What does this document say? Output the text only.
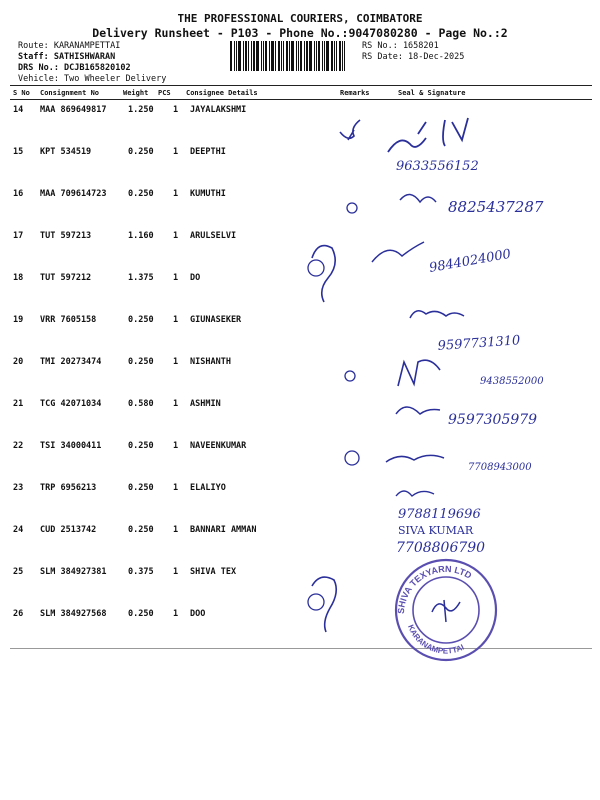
THE PROFESSIONAL COURIERS, COIMBATORE
Delivery Runsheet - P103 - Phone No.:9047080280 - Page No.:2
Route: KARANAMPETTAI
Staff: SATHISHWARAN
DRS No.: DCJB165820102
Vehicle: Two Wheeler Delivery
RS No.: 1658201
RS Date: 18-Dec-2025
S No Consignment No	Weight PCS Consignee Details	Remarks	Seal & Signature
14 MAA 869649817	1.250 1 JAYALAKSHMI
15 KPT 534519	0.250 1 DEEPTHI
16 MAA 709614723	0.250 1 KUMUTHI
17 TUT 597213	1.160 1 ARULSELVI
18 TUT 597212	1.375 1 DO
19 VRR 7605158	0.250 1 GIUNASEKER
20 TMI 20273474	0.250 1 NISHANTH
21 TCG 42071034	0.580 1 ASHMIN
22 TSI 34000411	0.250 1 NAVEENKUMAR
23 TRP 6956213	0.250 1 ELALIYO
24 CUD 2513742	0.250 1 BANNARI AMMAN
25 SLM 384927381	0.375 1 SHIVA TEX
26 SLM 384927568	0.250 1 DOO
9633556152
8825437287
9844024000
9597731310
9438552000
9597305979
7708943000
9788119696
SIVA KUMAR
7708806790
SHIVA TEXYARN LTD
KARANAMPETTAI
